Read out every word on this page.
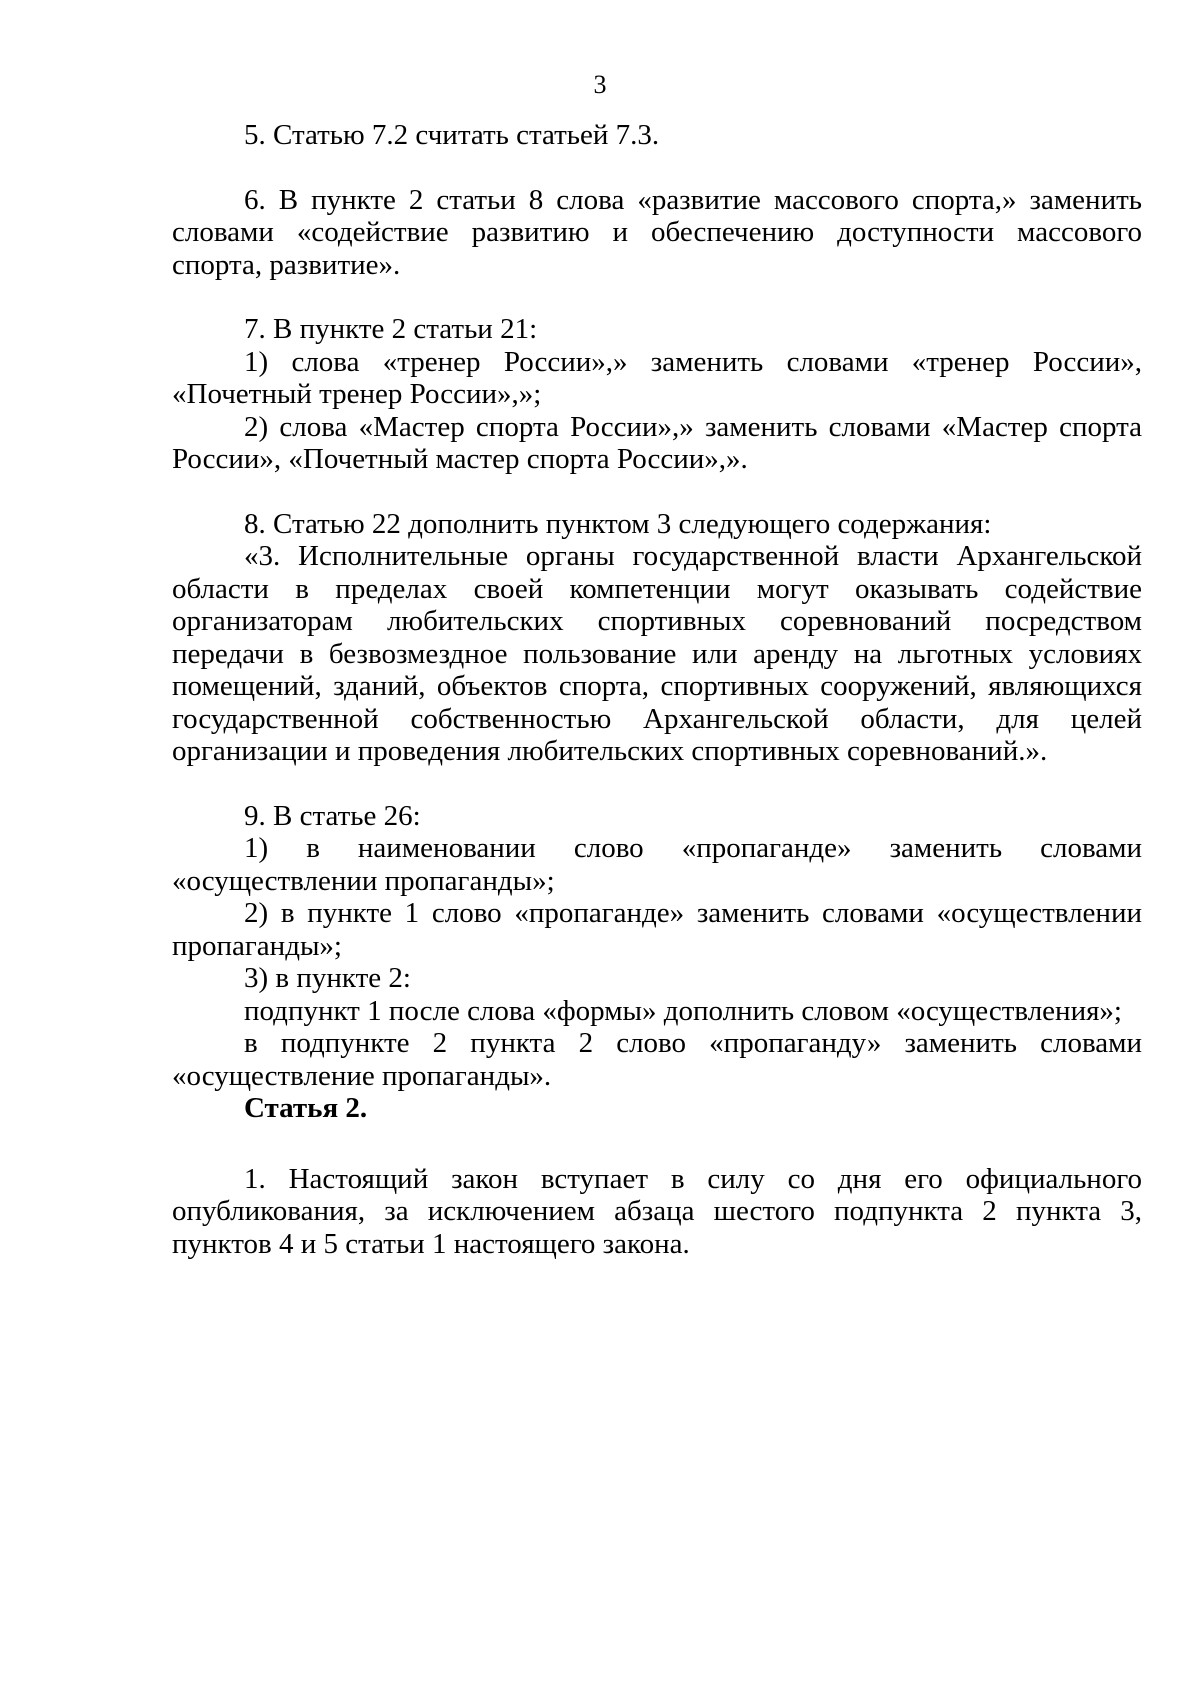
3

5. Статью 7.2 считать статьей 7.3.

6. В пункте 2 статьи 8 слова «развитие массового спорта,» заменить словами «содействие развитию и обеспечению доступности массового спорта, развитие».

7. В пункте 2 статьи 21:

1) слова «тренер России»,» заменить словами «тренер России», «Почетный тренер России»,»;

2) слова «Мастер спорта России»,» заменить словами «Мастер спорта России», «Почетный мастер спорта России»,».

8. Статью 22 дополнить пунктом 3 следующего содержания:

«3. Исполнительные органы государственной власти Архангельской области в пределах своей компетенции могут оказывать содействие организаторам любительских спортивных соревнований посредством передачи в безвозмездное пользование или аренду на льготных условиях помещений, зданий, объектов спорта, спортивных сооружений, являющихся государственной собственностью Архангельской области, для целей организации и проведения любительских спортивных соревнований.».

9. В статье 26:

1) в наименовании слово «пропаганде» заменить словами «осуществлении пропаганды»;

2) в пункте 1 слово «пропаганде» заменить словами «осуществлении пропаганды»;

3) в пункте 2:

подпункт 1 после слова «формы» дополнить словом «осуществления»;

в подпункте 2 пункта 2 слово «пропаганду» заменить словами «осуществление пропаганды».

Статья 2.

1. Настоящий закон вступает в силу со дня его официального опубликования, за исключением абзаца шестого подпункта 2 пункта 3, пунктов 4 и 5 статьи 1 настоящего закона.
